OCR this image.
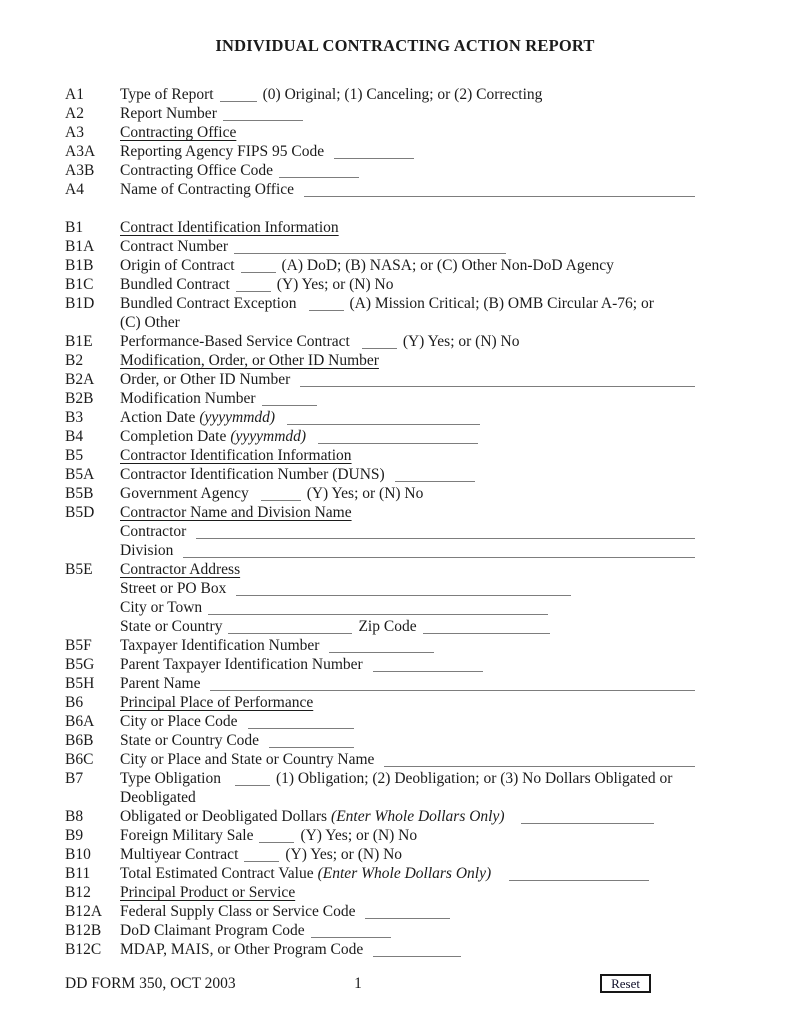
INDIVIDUAL CONTRACTING ACTION REPORT
A1	Type of Report	(0) Original; (1) Canceling; or (2) Correcting
A2	Report Number
A3	Contracting Office
A3A	Reporting Agency FIPS 95 Code
A3B	Contracting Office Code
A4	Name of Contracting Office
B1	Contract Identification Information
B1A	Contract Number
B1B	Origin of Contract	(A) DoD; (B) NASA; or (C) Other Non-DoD Agency
B1C	Bundled Contract	(Y) Yes; or (N) No
B1D	Bundled Contract Exception	(A) Mission Critical; (B) OMB Circular A-76; or
(C) Other
B1E	Performance-Based Service Contract	(Y) Yes; or (N) No
B2	Modification, Order, or Other ID Number
B2A	Order, or Other ID Number
B2B	Modification Number
B3	Action Date (yyyymmdd)
B4	Completion Date (yyyymmdd)
B5	Contractor Identification Information
B5A	Contractor Identification Number (DUNS)
B5B	Government Agency	(Y) Yes; or (N) No
B5D	Contractor Name and Division Name
Contractor
Division
B5E	Contractor Address
Street or PO Box
City or Town
State or Country	Zip Code
B5F	Taxpayer Identification Number
B5G	Parent Taxpayer Identification Number
B5H	Parent Name
B6	Principal Place of Performance
B6A	City or Place Code
B6B	State or Country Code
B6C	City or Place and State or Country Name
B7	Type Obligation	(1) Obligation; (2) Deobligation; or (3) No Dollars Obligated or
Deobligated
B8	Obligated or Deobligated Dollars (Enter Whole Dollars Only)
B9	Foreign Military Sale	(Y) Yes; or (N) No
B10	Multiyear Contract	(Y) Yes; or (N) No
B11	Total Estimated Contract Value (Enter Whole Dollars Only)
B12	Principal Product or Service
B12A	Federal Supply Class or Service Code
B12B	DoD Claimant Program Code
B12C	MDAP, MAIS, or Other Program Code
DD FORM 350, OCT 2003	1	Reset
